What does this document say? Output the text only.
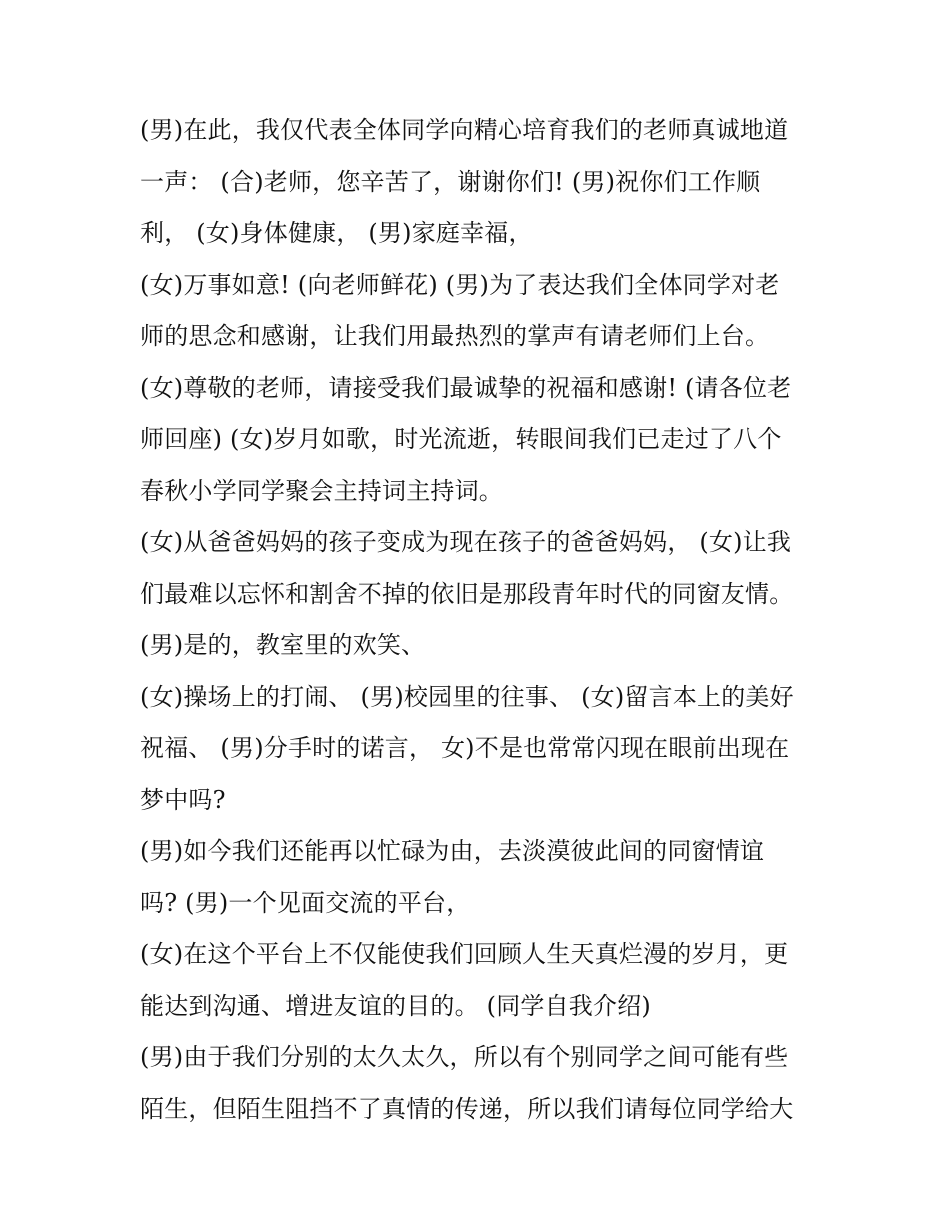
(男)在此，我仅代表全体同学向精心培育我们的老师真诚地道
一声： (合)老师，您辛苦了，谢谢你们! (男)祝你们工作顺
利， (女)身体健康， (男)家庭幸福，
(女)万事如意! (向老师鲜花) (男)为了表达我们全体同学对老
师的思念和感谢，让我们用最热烈的掌声有请老师们上台。
(女)尊敬的老师，请接受我们最诚挚的祝福和感谢! (请各位老
师回座) (女)岁月如歌，时光流逝，转眼间我们已走过了八个
春秋小学同学聚会主持词主持词。
(女)从爸爸妈妈的孩子变成为现在孩子的爸爸妈妈， (女)让我
们最难以忘怀和割舍不掉的依旧是那段青年时代的同窗友情。
(男)是的，教室里的欢笑、
(女)操场上的打闹、 (男)校园里的往事、 (女)留言本上的美好
祝福、 (男)分手时的诺言， 女)不是也常常闪现在眼前出现在
梦中吗?
(男)如今我们还能再以忙碌为由，去淡漠彼此间的同窗情谊
吗? (男)一个见面交流的平台，
(女)在这个平台上不仅能使我们回顾人生天真烂漫的岁月，更
能达到沟通、增进友谊的目的。 (同学自我介绍)
(男)由于我们分别的太久太久，所以有个别同学之间可能有些
陌生，但陌生阻挡不了真情的传递，所以我们请每位同学给大
